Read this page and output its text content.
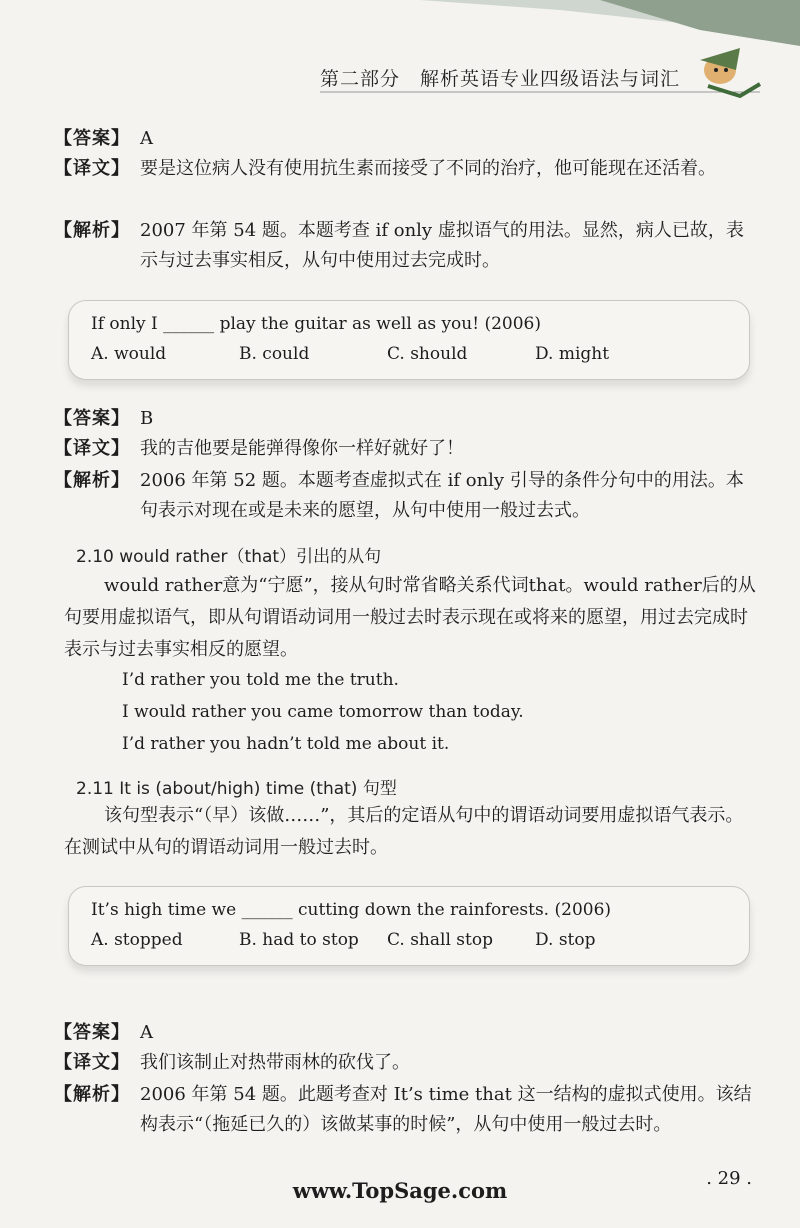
第二部分　解析英语专业四级语法与词汇
【答案】 A
【译文】 要是这位病人没有使用抗生素而接受了不同的治疗，他可能现在还活着。
【解析】 2007 年第 54 题。本题考查 if only 虚拟语气的用法。显然，病人已故，表示与过去事实相反，从句中使用过去完成时。
If only I ______ play the guitar as well as you! (2006)
A. would	B. could	C. should	D. might
【答案】 B
【译文】 我的吉他要是能弹得像你一样好就好了！
【解析】 2006 年第 52 题。本题考查虚拟式在 if only 引导的条件分句中的用法。本句表示对现在或是未来的愿望，从句中使用一般过去式。
2.10 would rather（that）引出的从句
would rather意为“宁愿”，接从句时常省略关系代词that。would rather后的从句要用虚拟语气，即从句谓语动词用一般过去时表示现在或将来的愿望，用过去完成时表示与过去事实相反的愿望。
I’d rather you told me the truth.
I would rather you came tomorrow than today.
I’d rather you hadn’t told me about it.
2.11 It is (about/high) time (that) 句型
该句型表示“（早）该做……”，其后的定语从句中的谓语动词要用虚拟语气表示。在测试中从句的谓语动词用一般过去时。
It’s high time we ______ cutting down the rainforests. (2006)
A. stopped	B. had to stop C. shall stop D. stop
【答案】 A
【译文】 我们该制止对热带雨林的砍伐了。
【解析】 2006 年第 54 题。此题考查对 It’s time that 这一结构的虚拟式使用。该结构表示“（拖延已久的）该做某事的时候”，从句中使用一般过去时。
. 29 .
www.TopSage.com
